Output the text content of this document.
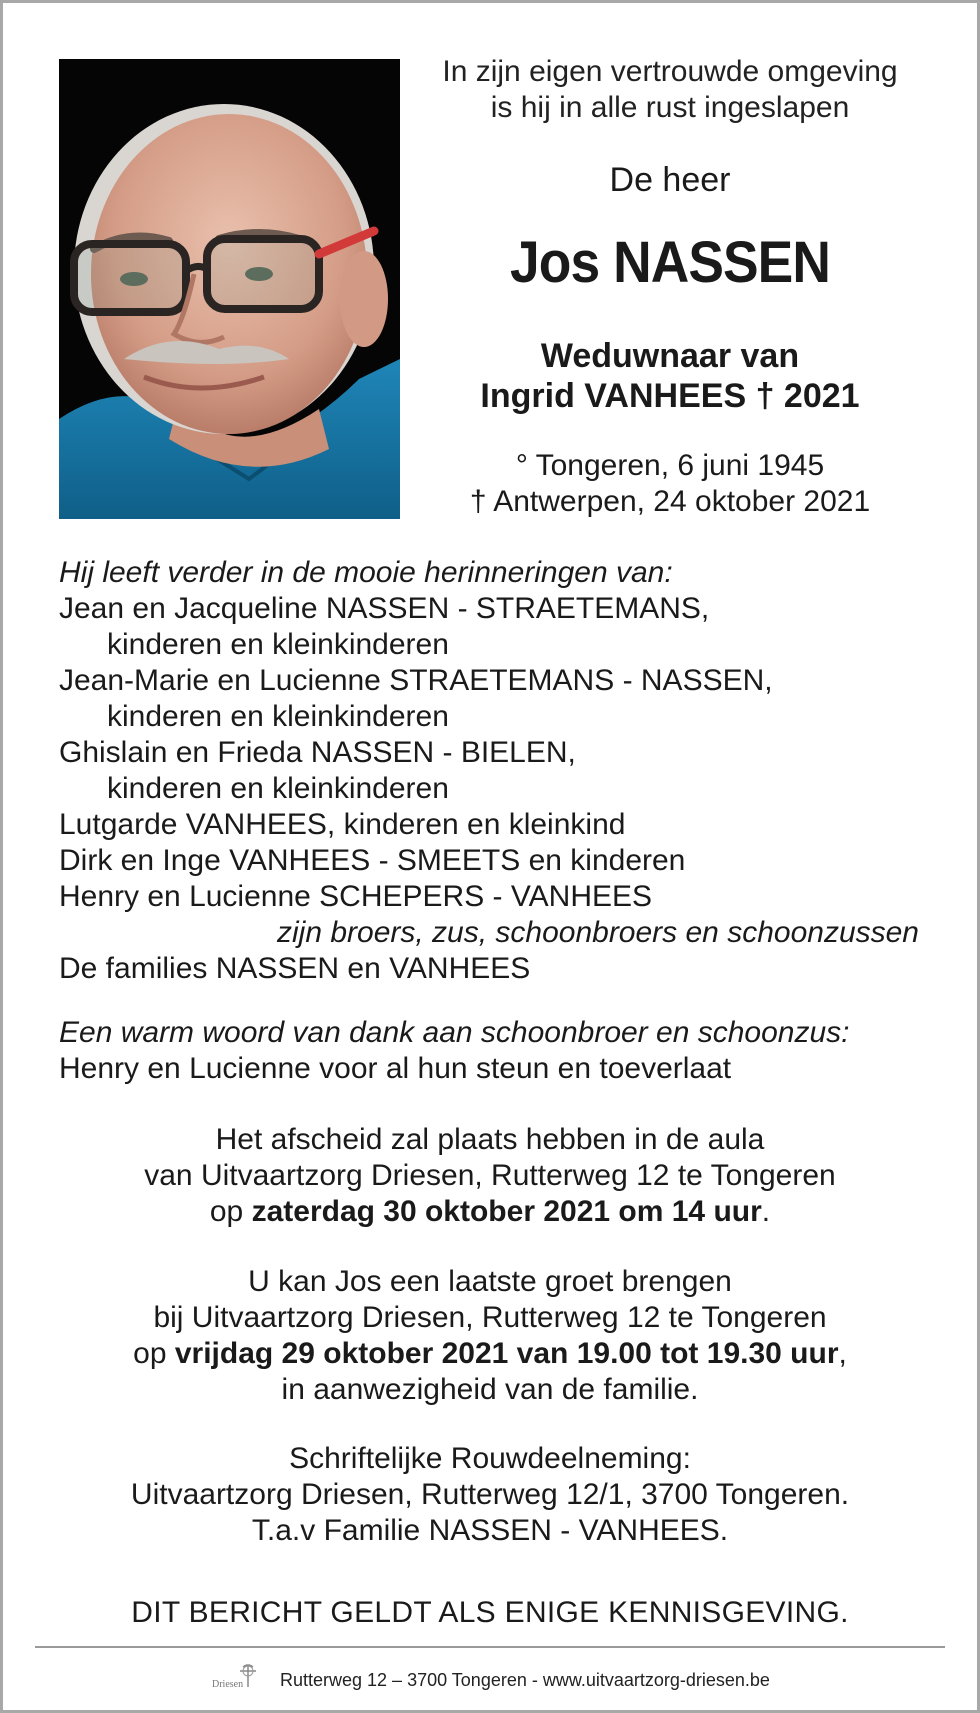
In zijn eigen vertrouwde omgeving
is hij in alle rust ingeslapen
De heer
Jos NASSEN
Weduwnaar van
Ingrid VANHEES † 2021
° Tongeren, 6 juni 1945
† Antwerpen, 24 oktober 2021
Hij leeft verder in de mooie herinneringen van:
Jean en Jacqueline NASSEN - STRAETEMANS,
kinderen en kleinkinderen
Jean-Marie en Lucienne STRAETEMANS - NASSEN,
kinderen en kleinkinderen
Ghislain en Frieda NASSEN - BIELEN,
kinderen en kleinkinderen
Lutgarde VANHEES, kinderen en kleinkind
Dirk en Inge VANHEES - SMEETS en kinderen
Henry en Lucienne SCHEPERS - VANHEES
zijn broers, zus, schoonbroers en schoonzussen
De families NASSEN en VANHEES
Een warm woord van dank aan schoonbroer en schoonzus:
Henry en Lucienne voor al hun steun en toeverlaat
Het afscheid zal plaats hebben in de aula
van Uitvaartzorg Driesen, Rutterweg 12 te Tongeren
op zaterdag 30 oktober 2021 om 14 uur.
U kan Jos een laatste groet brengen
bij Uitvaartzorg Driesen, Rutterweg 12 te Tongeren
op vrijdag 29 oktober 2021 van 19.00 tot 19.30 uur,
in aanwezigheid van de familie.
Schriftelijke Rouwdeelneming:
Uitvaartzorg Driesen, Rutterweg 12/1, 3700 Tongeren.
T.a.v Familie NASSEN - VANHEES.
DIT BERICHT GELDT ALS ENIGE KENNISGEVING.
Driesen Rutterweg 12 – 3700 Tongeren - www.uitvaartzorg-driesen.be
